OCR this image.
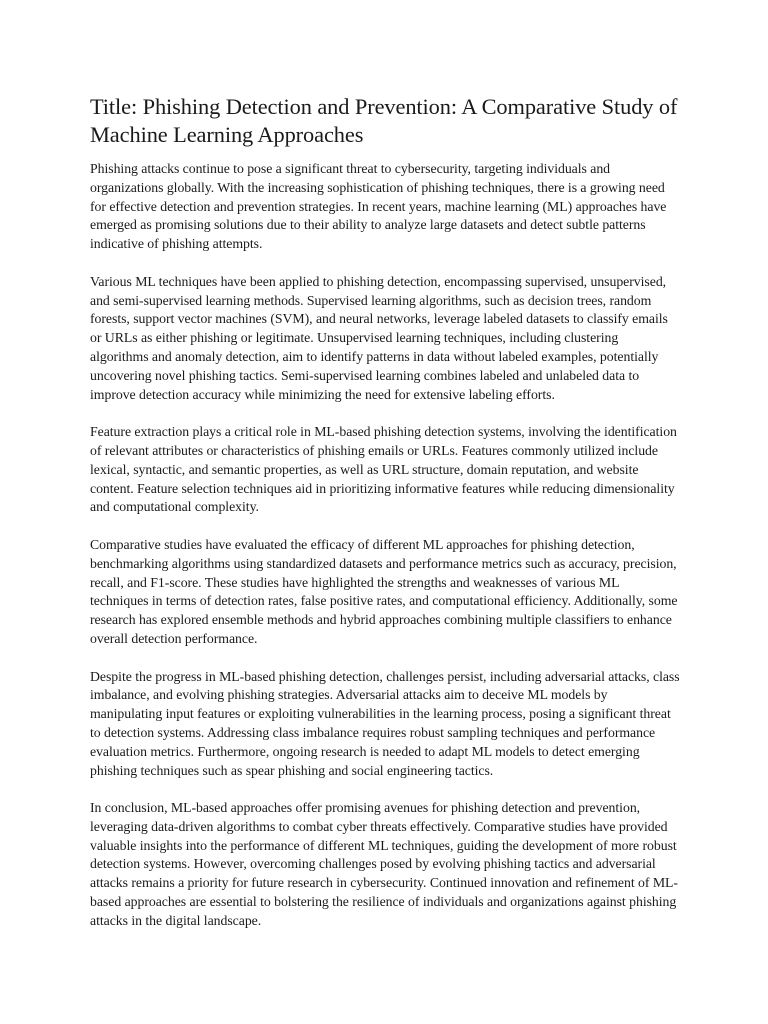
Title: Phishing Detection and Prevention: A Comparative Study of Machine Learning Approaches

Phishing attacks continue to pose a significant threat to cybersecurity, targeting individuals and organizations globally. With the increasing sophistication of phishing techniques, there is a growing need for effective detection and prevention strategies. In recent years, machine learning (ML) approaches have emerged as promising solutions due to their ability to analyze large datasets and detect subtle patterns indicative of phishing attempts.

Various ML techniques have been applied to phishing detection, encompassing supervised, unsupervised, and semi-supervised learning methods. Supervised learning algorithms, such as decision trees, random forests, support vector machines (SVM), and neural networks, leverage labeled datasets to classify emails or URLs as either phishing or legitimate. Unsupervised learning techniques, including clustering algorithms and anomaly detection, aim to identify patterns in data without labeled examples, potentially uncovering novel phishing tactics. Semi-supervised learning combines labeled and unlabeled data to improve detection accuracy while minimizing the need for extensive labeling efforts.

Feature extraction plays a critical role in ML-based phishing detection systems, involving the identification of relevant attributes or characteristics of phishing emails or URLs. Features commonly utilized include lexical, syntactic, and semantic properties, as well as URL structure, domain reputation, and website content. Feature selection techniques aid in prioritizing informative features while reducing dimensionality and computational complexity.

Comparative studies have evaluated the efficacy of different ML approaches for phishing detection, benchmarking algorithms using standardized datasets and performance metrics such as accuracy, precision, recall, and F1-score. These studies have highlighted the strengths and weaknesses of various ML techniques in terms of detection rates, false positive rates, and computational efficiency. Additionally, some research has explored ensemble methods and hybrid approaches combining multiple classifiers to enhance overall detection performance.

Despite the progress in ML-based phishing detection, challenges persist, including adversarial attacks, class imbalance, and evolving phishing strategies. Adversarial attacks aim to deceive ML models by manipulating input features or exploiting vulnerabilities in the learning process, posing a significant threat to detection systems. Addressing class imbalance requires robust sampling techniques and performance evaluation metrics. Furthermore, ongoing research is needed to adapt ML models to detect emerging phishing techniques such as spear phishing and social engineering tactics.

In conclusion, ML-based approaches offer promising avenues for phishing detection and prevention, leveraging data-driven algorithms to combat cyber threats effectively. Comparative studies have provided valuable insights into the performance of different ML techniques, guiding the development of more robust detection systems. However, overcoming challenges posed by evolving phishing tactics and adversarial attacks remains a priority for future research in cybersecurity. Continued innovation and refinement of ML-based approaches are essential to bolstering the resilience of individuals and organizations against phishing attacks in the digital landscape.
